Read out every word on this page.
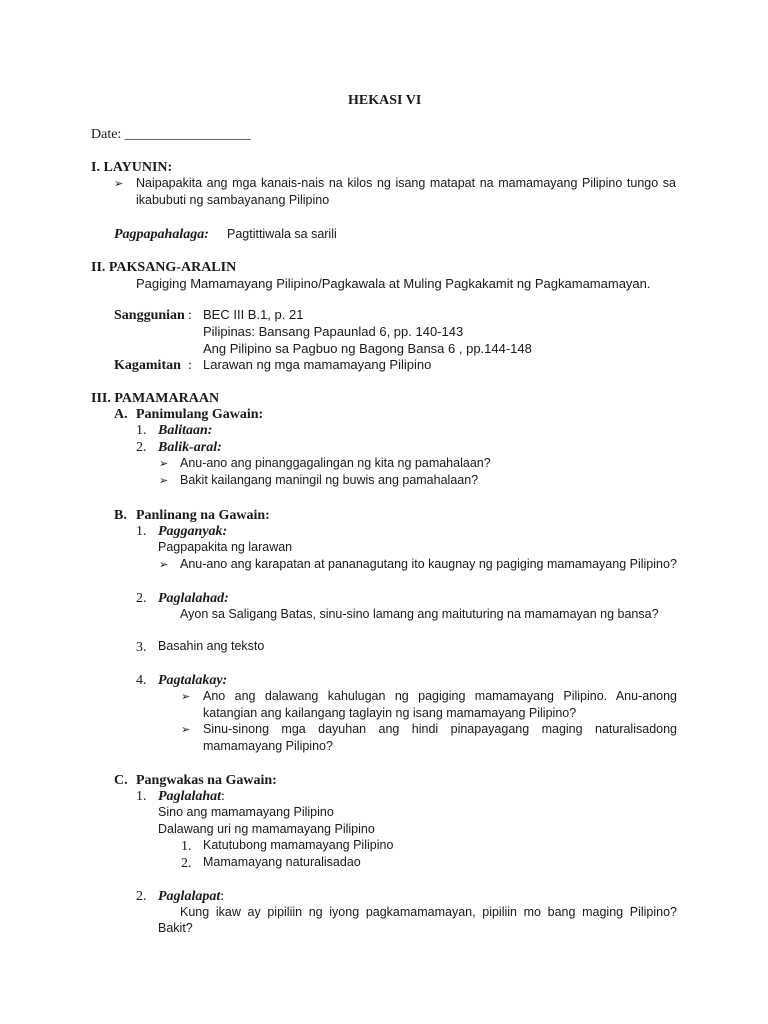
HEKASI VI
Date: __________________
I. LAYUNIN:
➢ Naipapakita ang mga kanais-nais na kilos ng isang matapat na mamamayang Pilipino tungo sa
ikabubuti ng sambayanang Pilipino
Pagpapahalaga: Pagtittiwala sa sarili
II. PAKSANG-ARALIN
Pagiging Mamamayang Pilipino/Pagkawala at Muling Pagkakamit ng Pagkamamamayan.
Sanggunian : BEC III B.1, p. 21
Pilipinas: Bansang Papaunlad 6, pp. 140-143
Ang Pilipino sa Pagbuo ng Bagong Bansa 6 , pp.144-148
Kagamitan : Larawan ng mga mamamayang Pilipino
III. PAMAMARAAN
A. Panimulang Gawain:
1. Balitaan:
2. Balik-aral:
➢ Anu-ano ang pinanggagalingan ng kita ng pamahalaan?
➢ Bakit kailangang maningil ng buwis ang pamahalaan?
B. Panlinang na Gawain:
1. Pagganyak:
Pagpapakita ng larawan
➢ Anu-ano ang karapatan at pananagutang ito kaugnay ng pagiging mamamayang Pilipino?
2. Paglalahad:
Ayon sa Saligang Batas, sinu-sino lamang ang maituturing na mamamayan ng bansa?
3. Basahin ang teksto
4. Pagtalakay:
➢ Ano ang dalawang kahulugan ng pagiging mamamayang Pilipino. Anu-anong
katangian ang kailangang taglayin ng isang mamamayang Pilipino?
➢ Sinu-sinong mga dayuhan ang hindi pinapayagang maging naturalisadong
mamamayang Pilipino?
C. Pangwakas na Gawain:
1. Paglalahat:
Sino ang mamamayang Pilipino
Dalawang uri ng mamamayang Pilipino
1. Katutubong mamamayang Pilipino
2. Mamamayang naturalisadao
2. Paglalapat:
Kung ikaw ay pipiliin ng iyong pagkamamamayan, pipiliin mo bang maging Pilipino?
Bakit?
